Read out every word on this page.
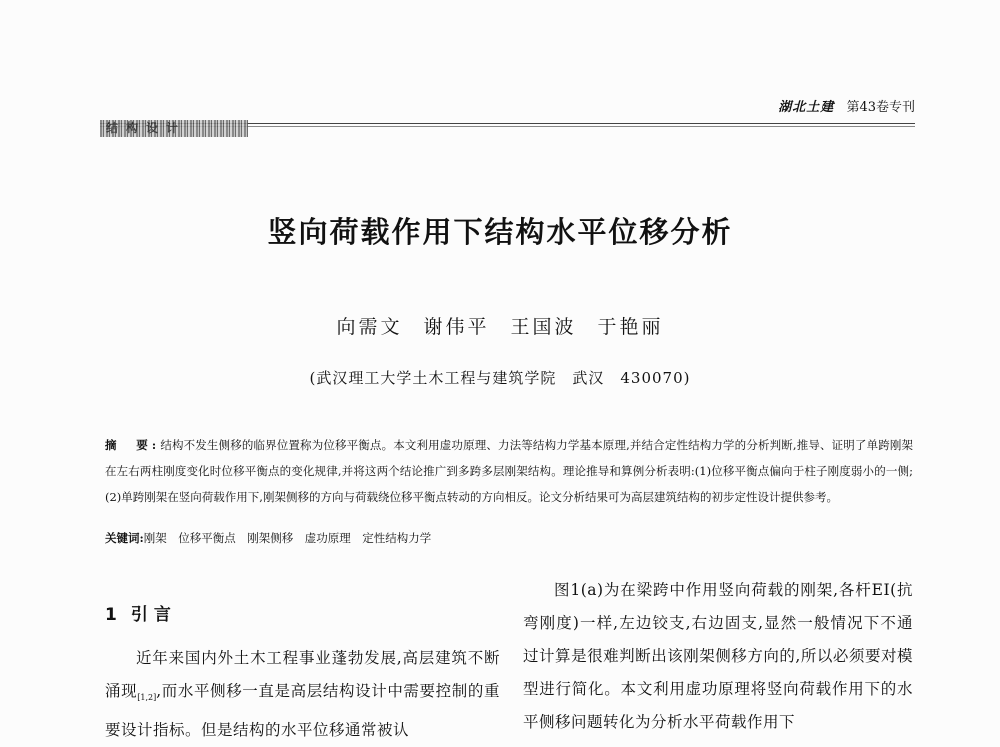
湖北土建 第43卷专刊
结构设计
竖向荷载作用下结构水平位移分析
向需文 谢伟平 王国波 于艳丽
(武汉理工大学土木工程与建筑学院　武汉　430070)
摘　要:结构不发生侧移的临界位置称为位移平衡点。本文利用虚功原理、力法等结构力学基本原理,并结合定性结构力学的分析判断,推导、证明了单跨刚架在左右两柱刚度变化时位移平衡点的变化规律,并将这两个结论推广到多跨多层刚架结构。理论推导和算例分析表明:(1)位移平衡点偏向于柱子刚度弱小的一侧;(2)单跨刚架在竖向荷载作用下,刚架侧移的方向与荷载绕位移平衡点转动的方向相反。论文分析结果可为高层建筑结构的初步定性设计提供参考。
关键词:刚架　位移平衡点　刚架侧移　虚功原理　定性结构力学
1 引言
近年来国内外土木工程事业蓬勃发展,高层建筑不断涌现$_{[1,2]}$,而水平侧移一直是高层结构设计中需要控制的重要设计指标。但是结构的水平位移通常被认
图1(a)为在梁跨中作用竖向荷载的刚架,各杆EI(抗弯刚度)一样,左边铰支,右边固支,显然一般情况下不通过计算是很难判断出该刚架侧移方向的,所以必须要对模型进行简化。本文利用虚功原理将竖向荷载作用下的水平侧移问题转化为分析水平荷载作用下
